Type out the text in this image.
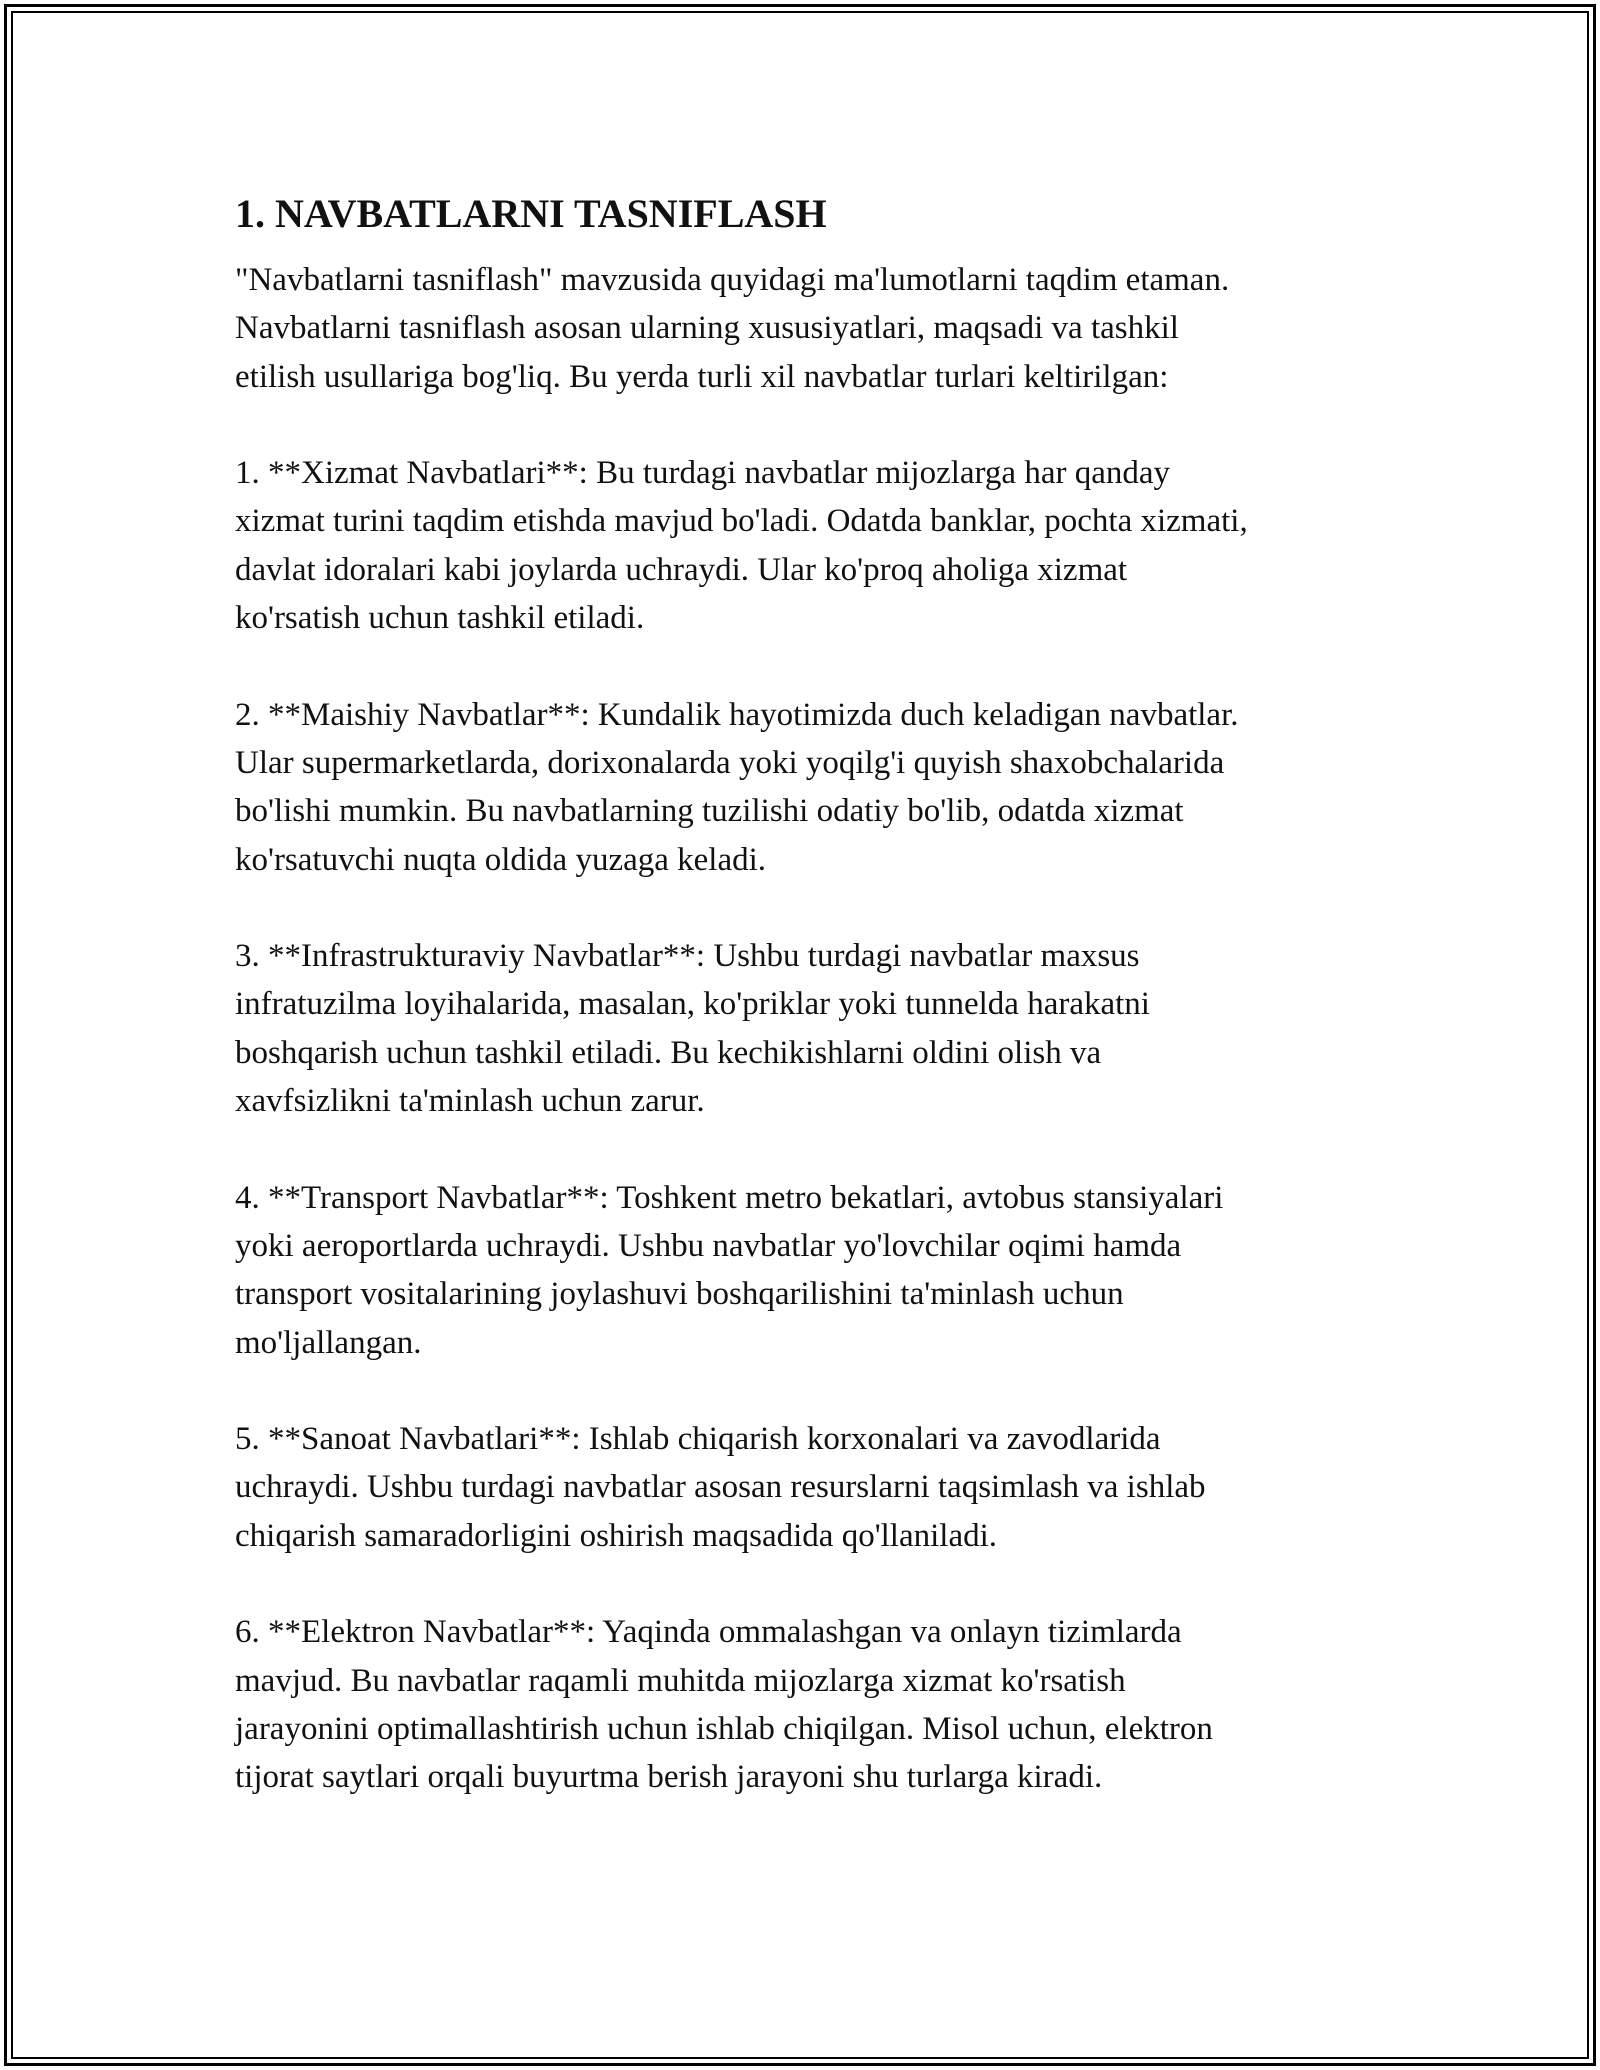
1. NAVBATLARNI TASNIFLASH

"Navbatlarni tasniflash" mavzusida quyidagi ma'lumotlarni taqdim etaman.
Navbatlarni tasniflash asosan ularning xususiyatlari, maqsadi va tashkil
etilish usullariga bog'liq. Bu yerda turli xil navbatlar turlari keltirilgan:

1. **Xizmat Navbatlari**: Bu turdagi navbatlar mijozlarga har qanday
xizmat turini taqdim etishda mavjud bo'ladi. Odatda banklar, pochta xizmati,
davlat idoralari kabi joylarda uchraydi. Ular ko'proq aholiga xizmat
ko'rsatish uchun tashkil etiladi.

2. **Maishiy Navbatlar**: Kundalik hayotimizda duch keladigan navbatlar.
Ular supermarketlarda, dorixonalarda yoki yoqilg'i quyish shaxobchalarida
bo'lishi mumkin. Bu navbatlarning tuzilishi odatiy bo'lib, odatda xizmat
ko'rsatuvchi nuqta oldida yuzaga keladi.

3. **Infrastrukturaviy Navbatlar**: Ushbu turdagi navbatlar maxsus
infratuzilma loyihalarida, masalan, ko'priklar yoki tunnelda harakatni
boshqarish uchun tashkil etiladi. Bu kechikishlarni oldini olish va
xavfsizlikni ta'minlash uchun zarur.

4. **Transport Navbatlar**: Toshkent metro bekatlari, avtobus stansiyalari
yoki aeroportlarda uchraydi. Ushbu navbatlar yo'lovchilar oqimi hamda
transport vositalarining joylashuvi boshqarilishini ta'minlash uchun
mo'ljallangan.

5. **Sanoat Navbatlari**: Ishlab chiqarish korxonalari va zavodlarida
uchraydi. Ushbu turdagi navbatlar asosan resurslarni taqsimlash va ishlab
chiqarish samaradorligini oshirish maqsadida qo'llaniladi.

6. **Elektron Navbatlar**: Yaqinda ommalashgan va onlayn tizimlarda
mavjud. Bu navbatlar raqamli muhitda mijozlarga xizmat ko'rsatish
jarayonini optimallashtirish uchun ishlab chiqilgan. Misol uchun, elektron
tijorat saytlari orqali buyurtma berish jarayoni shu turlarga kiradi.
